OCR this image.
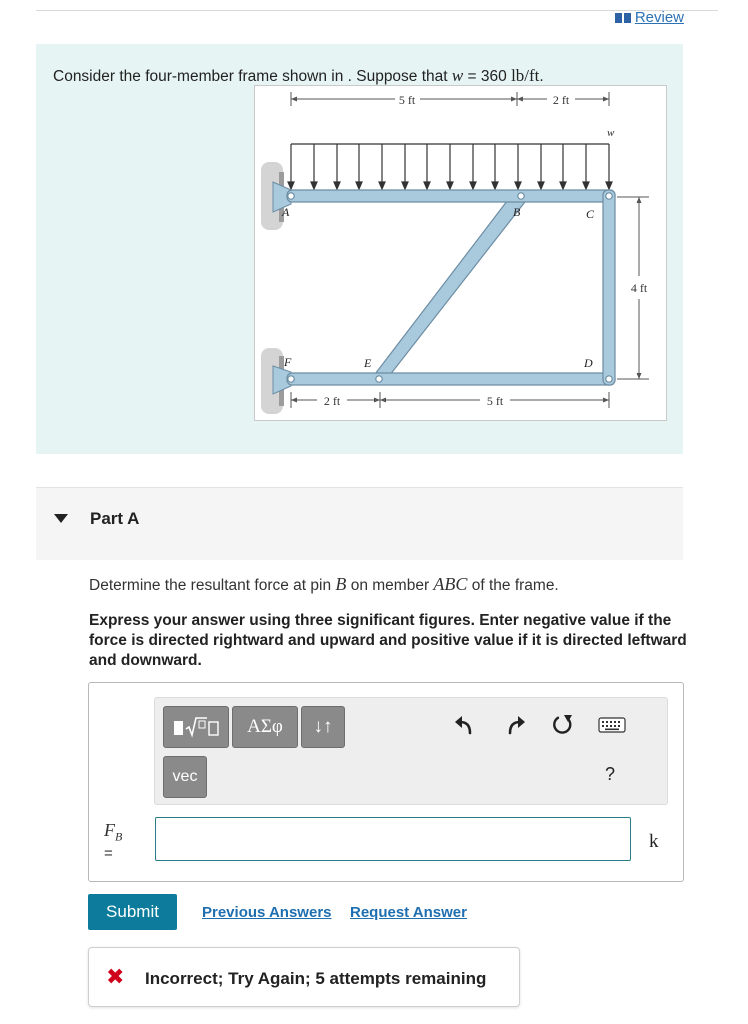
Review
Consider the four-member frame shown in . Suppose that w = 360 lb/ft.
5 ft	2 ft
4 ft
2 ft	5 ft
w
A	B	C
D
E
F
Part A
Determine the resultant force at pin B on member ABC of the frame.
Express your answer using three significant figures. Enter negative value if the force is directed rightward and upward and positive value if it is directed leftward and downward.
ΑΣφ ↓↑
vec	?
$F_B$
=
k
Submit	Previous Answers Request Answer
✖ Incorrect; Try Again; 5 attempts remaining
